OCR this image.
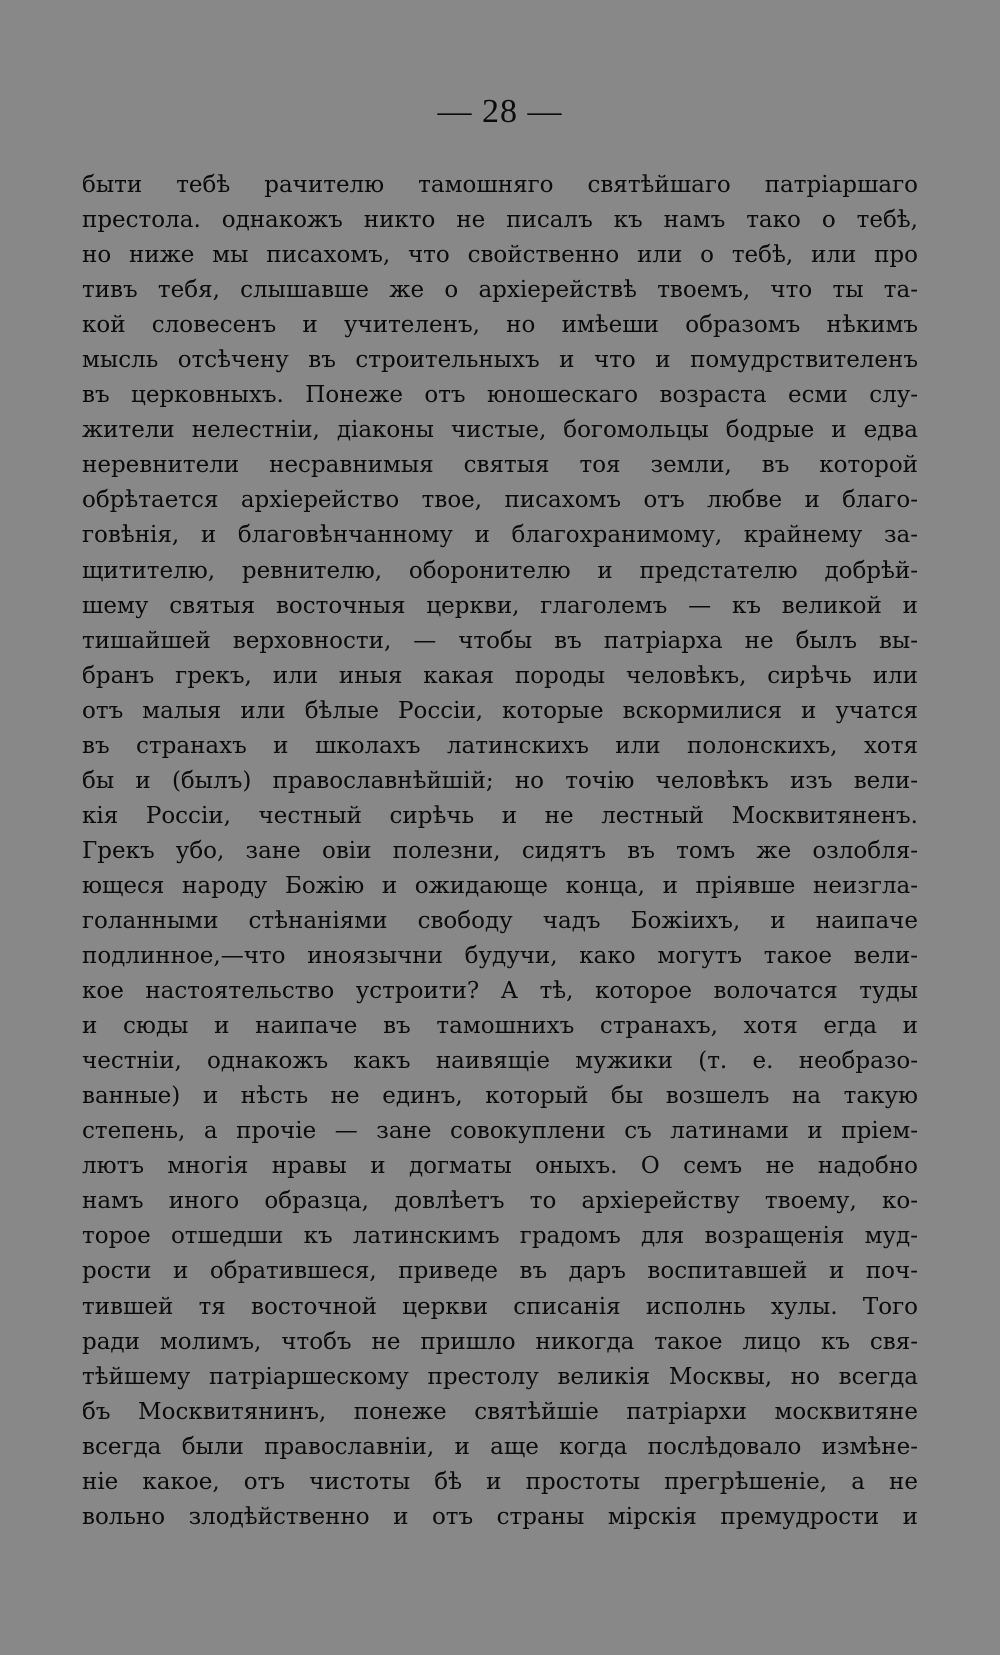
— 28 —
быти тебѣ рачителю тамошняго святѣйшаго патріаршаго
престола. однакожъ никто не писалъ къ намъ тако о тебѣ,
но ниже мы писахомъ, что свойственно или о тебѣ, или про
тивъ тебя, слышавше же о архіерействѣ твоемъ, что ты та-
кой словесенъ и учителенъ, но имѣеши образомъ нѣкимъ
мысль отсѣчену въ строительныхъ и что и помудрствителенъ
въ церковныхъ. Понеже отъ юношескаго возраста есми слу-
жители нелестніи, діаконы чистые, богомольцы бодрые и едва
неревнители несравнимыя святыя тоя земли, въ которой
обрѣтается архіерейство твое, писахомъ отъ любве и благо-
говѣнія, и благовѣнчанному и благохранимому, крайнему за-
щитителю, ревнителю, оборонителю и предстателю добрѣй-
шему святыя восточныя церкви, глаголемъ — къ великой и
тишайшей верховности, — чтобы въ патріарха не былъ вы-
бранъ грекъ, или иныя какая породы человѣкъ, сирѣчь или
отъ малыя или бѣлые Россіи, которые вскормилися и учатся
въ странахъ и школахъ латинскихъ или полонскихъ, хотя
бы и (былъ) православнѣйшій; но точію человѣкъ изъ вели-
кія Россіи, честный сирѣчь и не лестный Москвитяненъ.
Грекъ убо, зане овіи полезни, сидятъ въ томъ же озлобля-
ющеся народу Божію и ожидающе конца, и пріявше неизгла-
голанными стѣнаніями свободу чадъ Божіихъ, и наипаче
подлинное,—что иноязычни будучи, како могутъ такое вели-
кое настоятельство устроити? А тѣ, которое волочатся туды
и сюды и наипаче въ тамошнихъ странахъ, хотя егда и
честніи, однакожъ какъ наивящіе мужики (т. е. необразо-
ванные) и нѣсть не единъ, который бы возшелъ на такую
степень, а прочіе — зане совокуплени съ латинами и пріем-
лютъ многія нравы и догматы оныхъ. О семъ не надобно
намъ иного образца, довлѣетъ то архіерейству твоему, ко-
торое отшедши къ латинскимъ градомъ для возращенія муд-
рости и обратившеся, приведе въ даръ воспитавшей и поч-
тившей тя восточной церкви списанія исполнь хулы. Того
ради молимъ, чтобъ не пришло никогда такое лицо къ свя-
тѣйшему патріаршескому престолу великія Москвы, но всегда
бъ Москвитянинъ, понеже святѣйшіе патріархи москвитяне
всегда были православніи, и аще когда послѣдовало измѣне-
ніе какое, отъ чистоты бѣ и простоты прегрѣшеніе, а не
вольно злодѣйственно и отъ страны мірскія премудрости и
